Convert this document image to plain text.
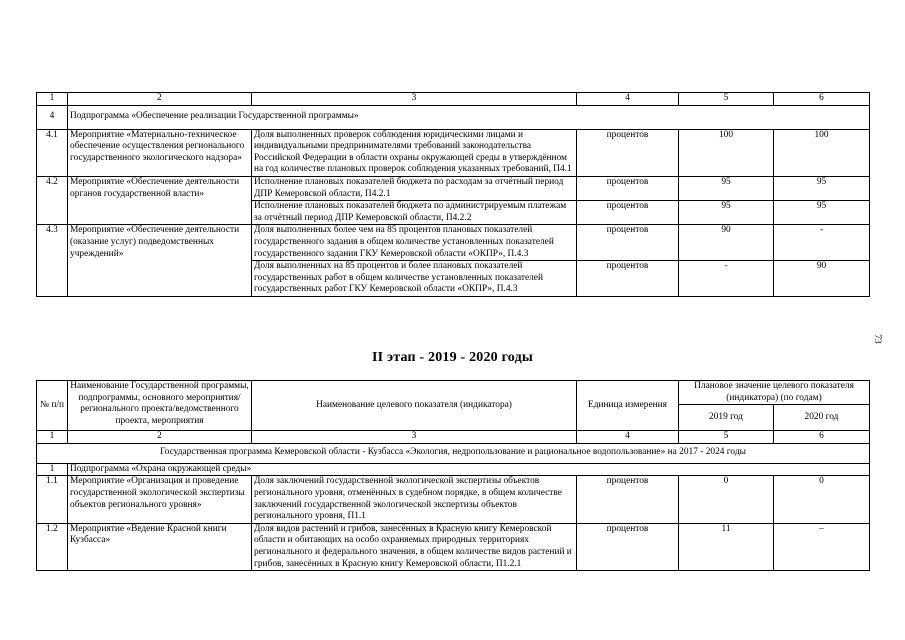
1	2	3	4	5	6
4	Подпрограмма «Обеспечение реализации Государственной программы»				
4.1	Мероприятие «Материально-техническое обеспечение осуществления регионального государственного экологического надзора»	Доля выполненных проверок соблюдения юридическими лицами и индивидуальными предпринимателями требований законодательства Российской Федерации в области охраны окружающей среды в утверждённом на год количестве плановых проверок соблюдения указанных требований, П4.1	процентов	100	100
4.2	Мероприятие «Обеспечение деятельности органов государственной власти»	Исполнение плановых показателей бюджета по расходам за отчётный период ДПР Кемеровской области, П4.2.1	процентов	95	95
		Исполнение плановых показателей бюджета по администрируемым платежам за отчётный период ДПР Кемеровской области, П4.2.2	процентов	95	95
4.3	Мероприятие «Обеспечение деятельности (оказание услуг) подведомственных учреждений»	Доля выполненных более чем на 85 процентов плановых показателей государственного задания в общем количестве установленных показателей государственного задания ГКУ Кемеровской области «ОКПР», П.4.3	процентов	90	-
		Доля выполненных на 85 процентов и более плановых показателей государственных работ в общем количестве установленных показателей государственных работ ГКУ Кемеровской области «ОКПР», П.4.3	процентов	-	90
73
II этап - 2019 - 2020 годы
№ п/п	Наименование Государственной программы, подпрограммы, основного мероприятия/регионального проекта/ведомственного проекта, мероприятия	Наименование целевого показателя (индикатора)	Единица измерения	Плановое значение целевого показателя (индикатора) (по годам)	
				2019 год	2020 год
1	2	3	4	5	6
Государственная программа Кемеровской области - Кузбасса «Экология, недропользование и рациональное водопользование» на 2017 - 2024 годы					
1	Подпрограмма «Охрана окружающей среды»				
1.1	Мероприятие «Организация и проведение государственной экологической экспертизы объектов регионального уровня»	Доля заключений государственной экологической экспертизы объектов регионального уровня, отменённых в судебном порядке, в общем количестве заключений государственной экологической экспертизы объектов регионального уровня, П1.1	процентов	0	0
1.2	Мероприятие «Ведение Красной книги Кузбасса»	Доля видов растений и грибов, занесённых в Красную книгу Кемеровской области и обитающих на особо охраняемых природных территориях регионального и федерального значения, в общем количестве видов растений и грибов, занесённых в Красную книгу Кемеровской области, П1.2.1	процентов	11	–
